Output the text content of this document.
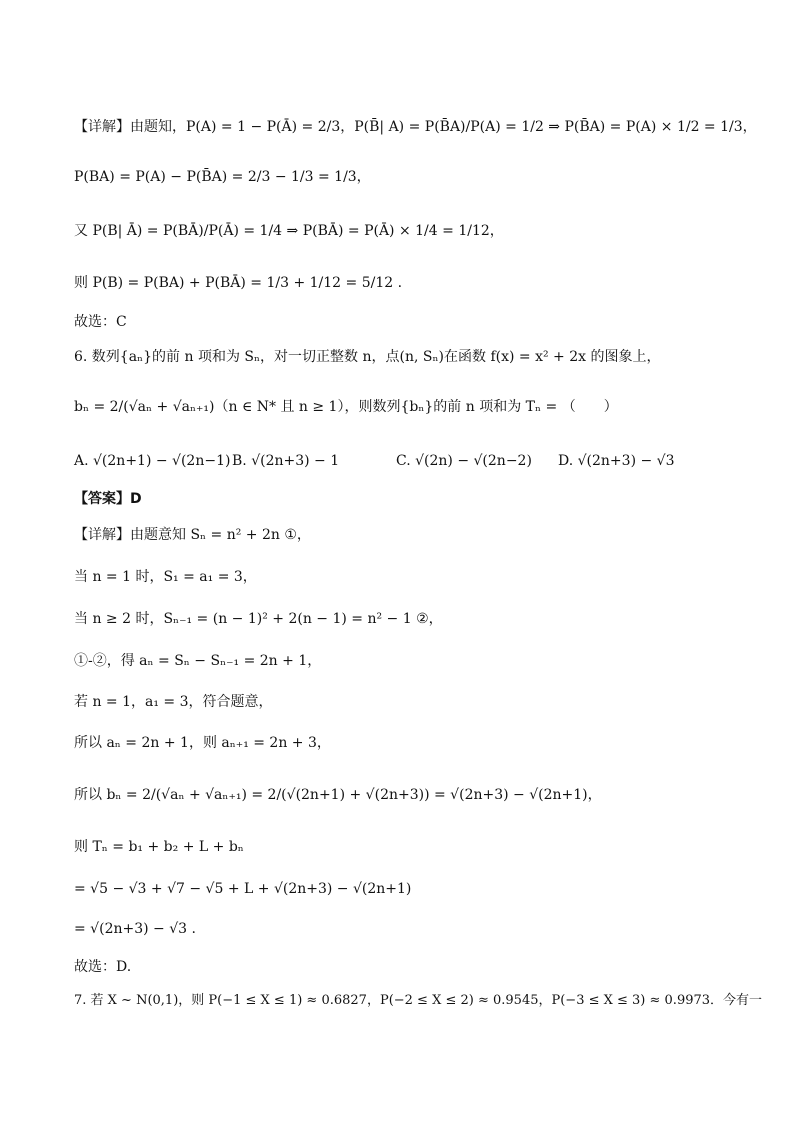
【详解】由题知，P(A) = 1 − P(Ā) = 2/3，P(B̄| A) = P(B̄A)/P(A) = 1/2 ⇒ P(B̄A) = P(A) × 1/2 = 1/3，
P(BA) = P(A) − P(B̄A) = 2/3 − 1/3 = 1/3，
又 P(B| Ā) = P(BĀ)/P(Ā) = 1/4 ⇒ P(BĀ) = P(Ā) × 1/4 = 1/12，
则 P(B) = P(BA) + P(BĀ) = 1/3 + 1/12 = 5/12 .
故选：C
6. 数列{aₙ}的前 n 项和为 Sₙ，对一切正整数 n，点(n, Sₙ)在函数 f(x) = x² + 2x 的图象上，
bₙ = 2/(√aₙ + √aₙ₊₁)（n ∈ N* 且 n ≥ 1），则数列{bₙ}的前 n 项和为 Tₙ = （　　）
A. √(2n+1) − √(2n−1) B. √(2n+3) − 1	C. √(2n) − √(2n−2) D. √(2n+3) − √3
【答案】D
【详解】由题意知 Sₙ = n² + 2n ①，
当 n = 1 时，S₁ = a₁ = 3，
当 n ≥ 2 时，Sₙ₋₁ = (n − 1)² + 2(n − 1) = n² − 1 ②，
①-②，得 aₙ = Sₙ − Sₙ₋₁ = 2n + 1，
若 n = 1，a₁ = 3，符合题意，
所以 aₙ = 2n + 1，则 aₙ₊₁ = 2n + 3，
所以 bₙ = 2/(√aₙ + √aₙ₊₁) = 2/(√(2n+1) + √(2n+3)) = √(2n+3) − √(2n+1)，
则 Tₙ = b₁ + b₂ + L + bₙ
= √5 − √3 + √7 − √5 + L + √(2n+3) − √(2n+1)
= √(2n+3) − √3 .
故选：D.
7. 若 X ~ N(0,1)，则 P(−1 ≤ X ≤ 1) ≈ 0.6827，P(−2 ≤ X ≤ 2) ≈ 0.9545，P(−3 ≤ X ≤ 3) ≈ 0.9973．今有一
